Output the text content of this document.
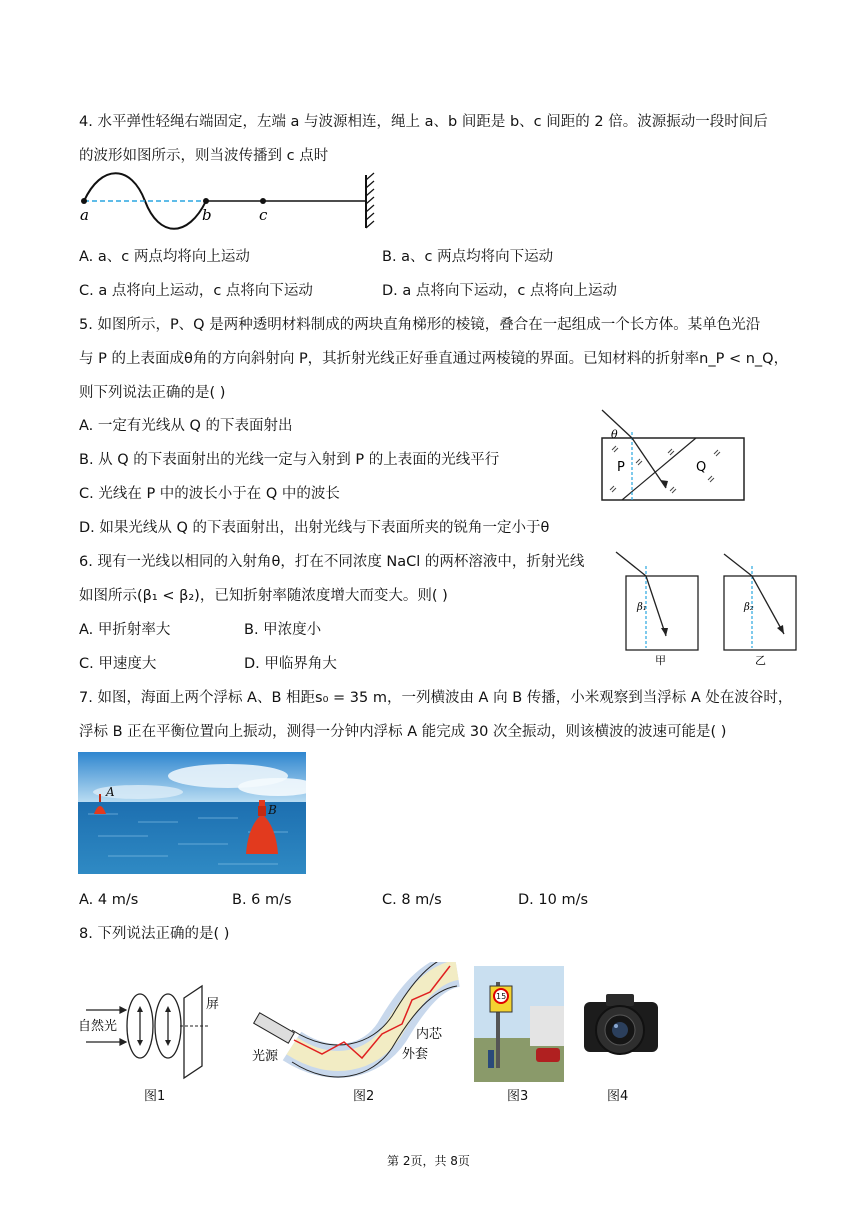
4. 水平弹性轻绳右端固定，左端 a 与波源相连，绳上 a、b 间距是 b、c 间距的 2 倍。波源振动一段时间后
的波形如图所示，则当波传播到 c 点时
a	b	c
A. a、c 两点均将向上运动	B. a、c 两点均将向下运动
C. a 点将向上运动，c 点将向下运动	D. a 点将向下运动，c 点将向上运动
5. 如图所示，P、Q 是两种透明材料制成的两块直角梯形的棱镜，叠合在一起组成一个长方体。某单色光沿
与 P 的上表面成θ角的方向斜射向 P，其折射光线正好垂直通过两棱镜的界面。已知材料的折射率n_P < n_Q，
则下列说法正确的是( )
A. 一定有光线从 Q 的下表面射出
B. 从 Q 的下表面射出的光线一定与入射到 P 的上表面的光线平行
C. 光线在 P 中的波长小于在 Q 中的波长
D. 如果光线从 Q 的下表面射出，出射光线与下表面所夹的锐角一定小于θ
θ
P	Q
6. 现有一光线以相同的入射角θ，打在不同浓度 NaCl 的两杯溶液中，折射光线
如图所示(β₁ < β₂)，已知折射率随浓度增大而变大。则( )
A. 甲折射率大	B. 甲浓度小
C. 甲速度大	D. 甲临界角大
β₁
甲
β₂
乙
7. 如图，海面上两个浮标 A、B 相距s₀ = 35 m，一列横波由 A 向 B 传播，小米观察到当浮标 A 处在波谷时，
浮标 B 正在平衡位置向上振动，测得一分钟内浮标 A 能完成 30 次全振动，则该横波的波速可能是( )
A
B
A. 4 m/s	B. 6 m/s	C. 8 m/s	D. 10 m/s
8. 下列说法正确的是( )
自然光
屏
图1
光源
内芯
外套
图2
15
图3	图4
第 2页，共 8页
